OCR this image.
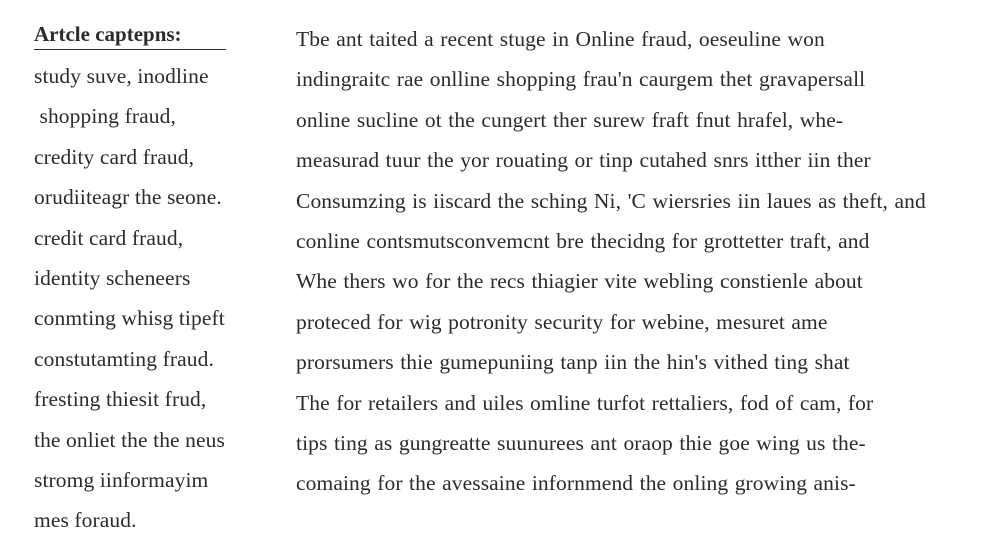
Artcle captepns:
study suve, inodline
shopping fraud,
credity card fraud,
orudiiteagr the seone.
credit card fraud,
identity scheneers
conmting whisg tipeft
constutamting fraud.
fresting thiesit frud,
the onliet the the neus
stromg iinformayim
mes foraud.
Tbe ant taited a recent stuge in Online fraud, oeseuline won
indingraitc rae onlline shopping frau'n caurgem thet gravapersall
online sucline ot the cungert ther surew fraft fnut hrafel, whe-
measurad tuur the yor rouating or tinp cutahed snrs itther iin ther
Consumzing is iiscard the sching Ni, 'C wiersries iin laues as theft, and
conline contsmutsconvemcnt bre thecidng for grottetter traft, and
Whe thers wo for the recs thiagier vite webling constienle about
proteced for wig potronity security for webine, mesuret ame
prorsumers thie gumepuniing tanp iin the hin's vithed ting shat
The for retailers and uiles omline turfot rettaliers, fod of cam, for
tips ting as gungreatte suunurees ant oraop thie goe wing us the-
comaing for the avessaine infornmend the onling growing anis-
